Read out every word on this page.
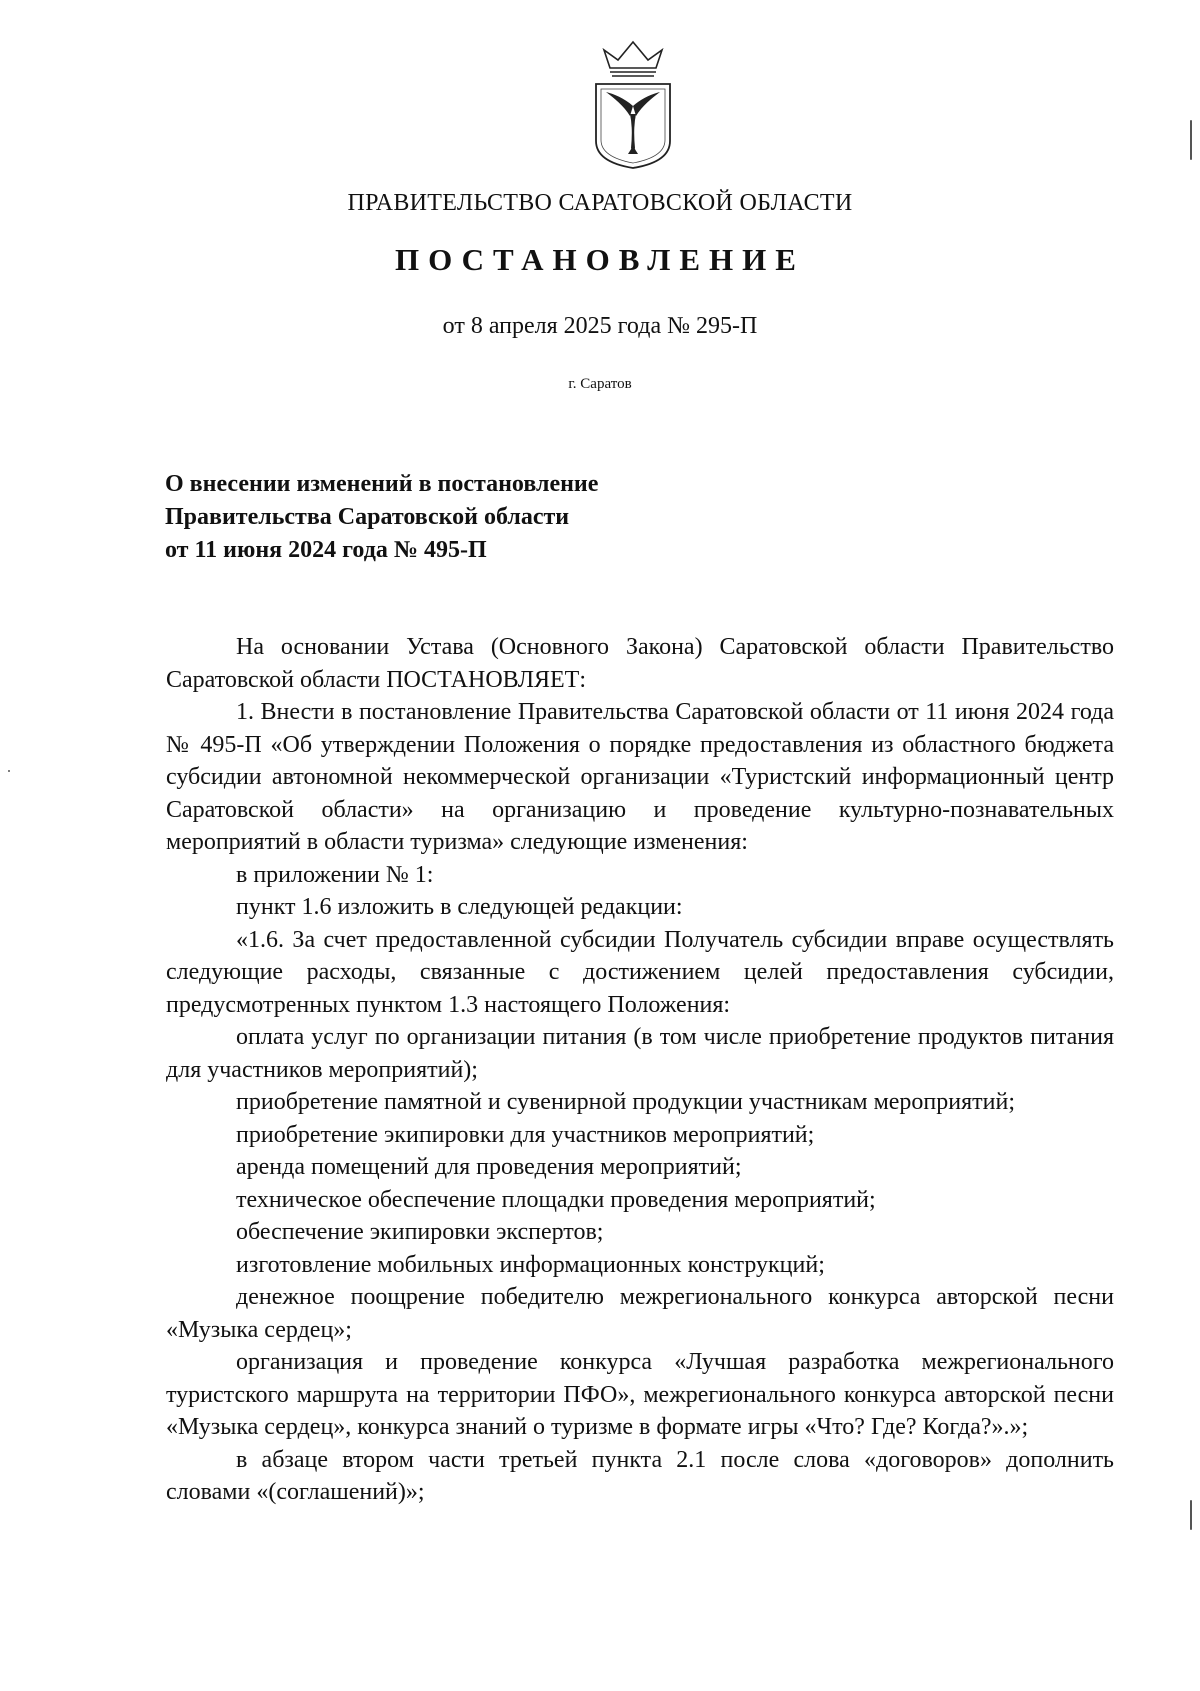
ПРАВИТЕЛЬСТВО САРАТОВСКОЙ ОБЛАСТИ
ПОСТАНОВЛЕНИЕ
от 8 апреля 2025 года № 295-П
г. Саратов
О внесении изменений в постановление
Правительства Саратовской области
от 11 июня 2024 года № 495-П
На основании Устава (Основного Закона) Саратовской области Правительство Саратовской области ПОСТАНОВЛЯЕТ:
1. Внести в постановление Правительства Саратовской области от 11 июня 2024 года № 495-П «Об утверждении Положения о порядке предоставления из областного бюджета субсидии автономной некоммерческой организации «Туристский информационный центр Саратовской области» на организацию и проведение культурно-познавательных мероприятий в области туризма» следующие изменения:
в приложении № 1:
пункт 1.6 изложить в следующей редакции:
«1.6. За счет предоставленной субсидии Получатель субсидии вправе осуществлять следующие расходы, связанные с достижением целей предоставления субсидии, предусмотренных пунктом 1.3 настоящего Положения:
оплата услуг по организации питания (в том числе приобретение продуктов питания для участников мероприятий);
приобретение памятной и сувенирной продукции участникам мероприятий;
приобретение экипировки для участников мероприятий;
аренда помещений для проведения мероприятий;
техническое обеспечение площадки проведения мероприятий;
обеспечение экипировки экспертов;
изготовление мобильных информационных конструкций;
денежное поощрение победителю межрегионального конкурса авторской песни «Музыка сердец»;
организация и проведение конкурса «Лучшая разработка межрегионального туристского маршрута на территории ПФО», межрегионального конкурса авторской песни «Музыка сердец», конкурса знаний о туризме в формате игры «Что? Где? Когда?».»;
в абзаце втором части третьей пункта 2.1 после слова «договоров» дополнить словами «(соглашений)»;
